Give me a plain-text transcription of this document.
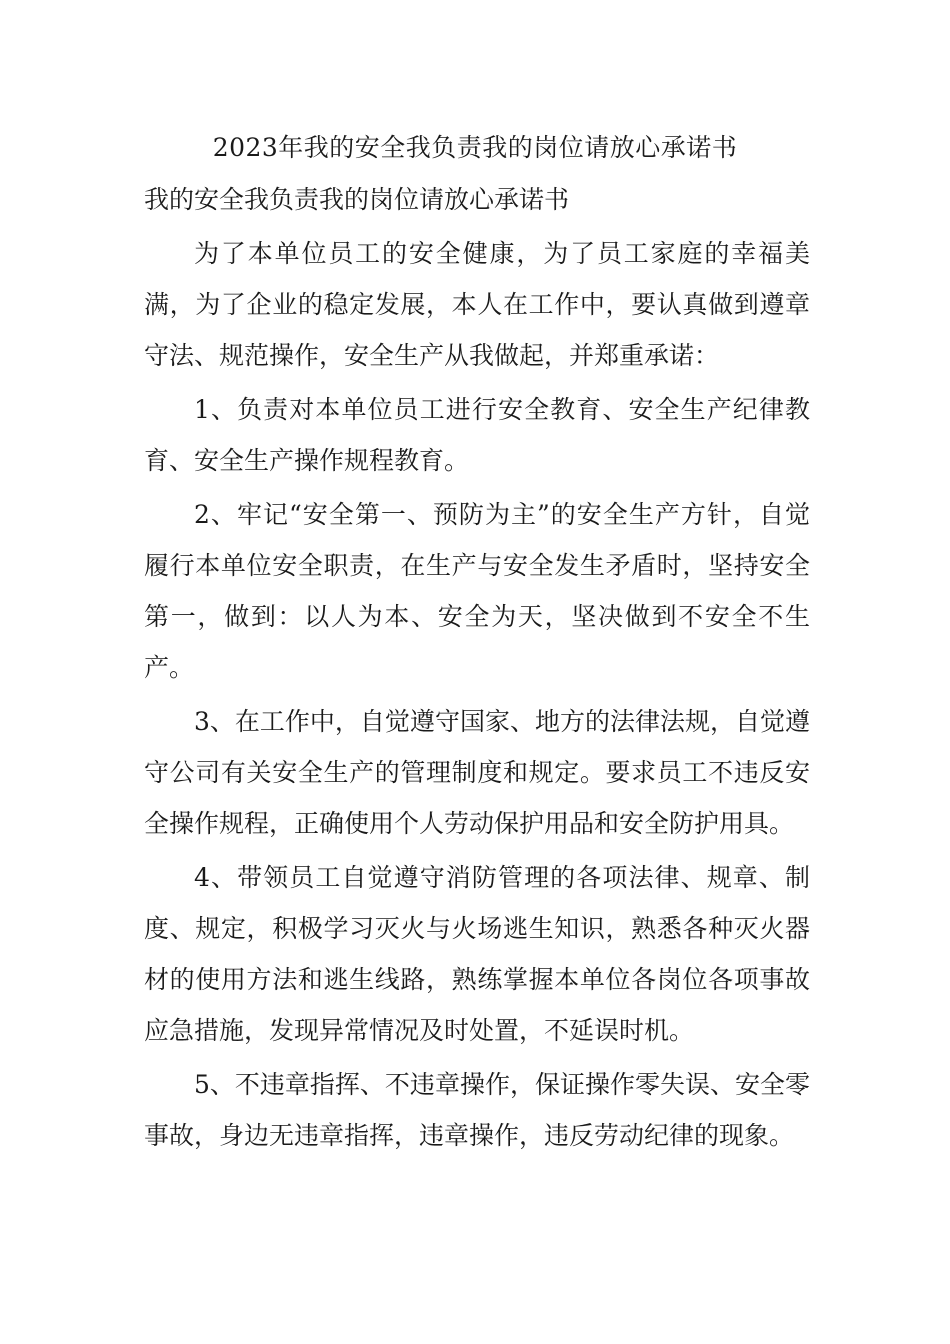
2023年我的安全我负责我的岗位请放心承诺书
我的安全我负责我的岗位请放心承诺书

为了本单位员工的安全健康，为了员工家庭的幸福美满，为了企业的稳定发展，本人在工作中，要认真做到遵章守法、规范操作，安全生产从我做起，并郑重承诺：

1、负责对本单位员工进行安全教育、安全生产纪律教育、安全生产操作规程教育。

2、牢记“安全第一、预防为主”的安全生产方针，自觉履行本单位安全职责，在生产与安全发生矛盾时，坚持安全第一，做到：以人为本、安全为天，坚决做到不安全不生产。

3、在工作中，自觉遵守国家、地方的法律法规，自觉遵守公司有关安全生产的管理制度和规定。要求员工不违反安全操作规程，正确使用个人劳动保护用品和安全防护用具。

4、带领员工自觉遵守消防管理的各项法律、规章、制度、规定，积极学习灭火与火场逃生知识，熟悉各种灭火器材的使用方法和逃生线路，熟练掌握本单位各岗位各项事故应急措施，发现异常情况及时处置，不延误时机。

5、不违章指挥、不违章操作，保证操作零失误、安全零事故，身边无违章指挥，违章操作，违反劳动纪律的现象。
